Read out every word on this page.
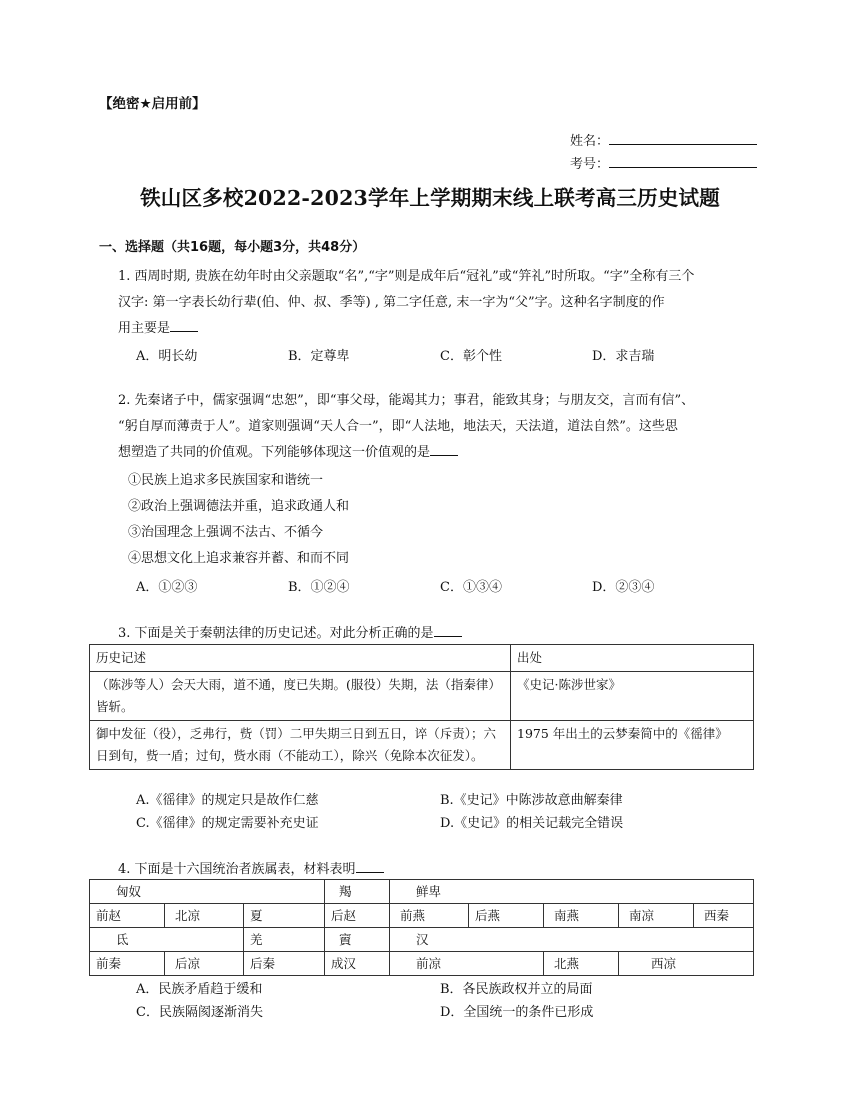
【绝密★启用前】
姓名：
考号：
铁山区多校2022-2023学年上学期期末线上联考高三历史试题
一、选择题（共16题，每小题3分，共48分）
1. 西周时期, 贵族在幼年时由父亲题取“名”,“字”则是成年后“冠礼”或“笄礼”时所取。“字”全称有三个
汉字: 第一字表长幼行辈(伯、仲、叔、季等) , 第二字任意, 末一字为“父”字。这种名字制度的作
用主要是
A．明长幼	B．定尊卑	C．彰个性	D．求吉瑞
2. 先秦诸子中，儒家强调“忠恕”，即“事父母，能竭其力；事君，能致其身；与朋友交，言而有信”、
“躬自厚而薄责于人”。道家则强调“天人合一”，即“人法地，地法天，天法道，道法自然”。这些思
想塑造了共同的价值观。下列能够体现这一价值观的是
①民族上追求多民族国家和谐统一
②政治上强调德法并重，追求政通人和
③治国理念上强调不法古、不循今
④思想文化上追求兼容并蓄、和而不同
A．①②③	B．①②④	C．①③④	D．②③④
3. 下面是关于秦朝法律的历史记述。对此分析正确的是
历史记述	出处
（陈涉等人）会天大雨，道不通，度已失期。(服役）失期，法（指秦律）皆斩。	《史记·陈涉世家》
御中发征（役），乏弗行，赀（罚）二甲失期三日到五日，谇（斥责）；六日到旬，赀一盾；过旬，赀水雨（不能动工），除兴（免除本次征发）。	1975 年出土的云梦秦简中的《徭律》
A.《徭律》的规定只是故作仁慈	B.《史记》中陈涉故意曲解秦律
C.《徭律》的规定需要补充史证	D.《史记》的相关记载完全错误
4. 下面是十六国统治者族属表，材料表明
匈奴			羯	鲜卑				
前赵	北凉	夏	后赵	前燕	后燕	南燕	南凉	西秦
氐		羌	賨	汉				
前秦	后凉	后秦	成汉	前凉		北燕	西凉	
A．民族矛盾趋于缓和	B．各民族政权并立的局面
C．民族隔阂逐渐消失	D．全国统一的条件已形成
